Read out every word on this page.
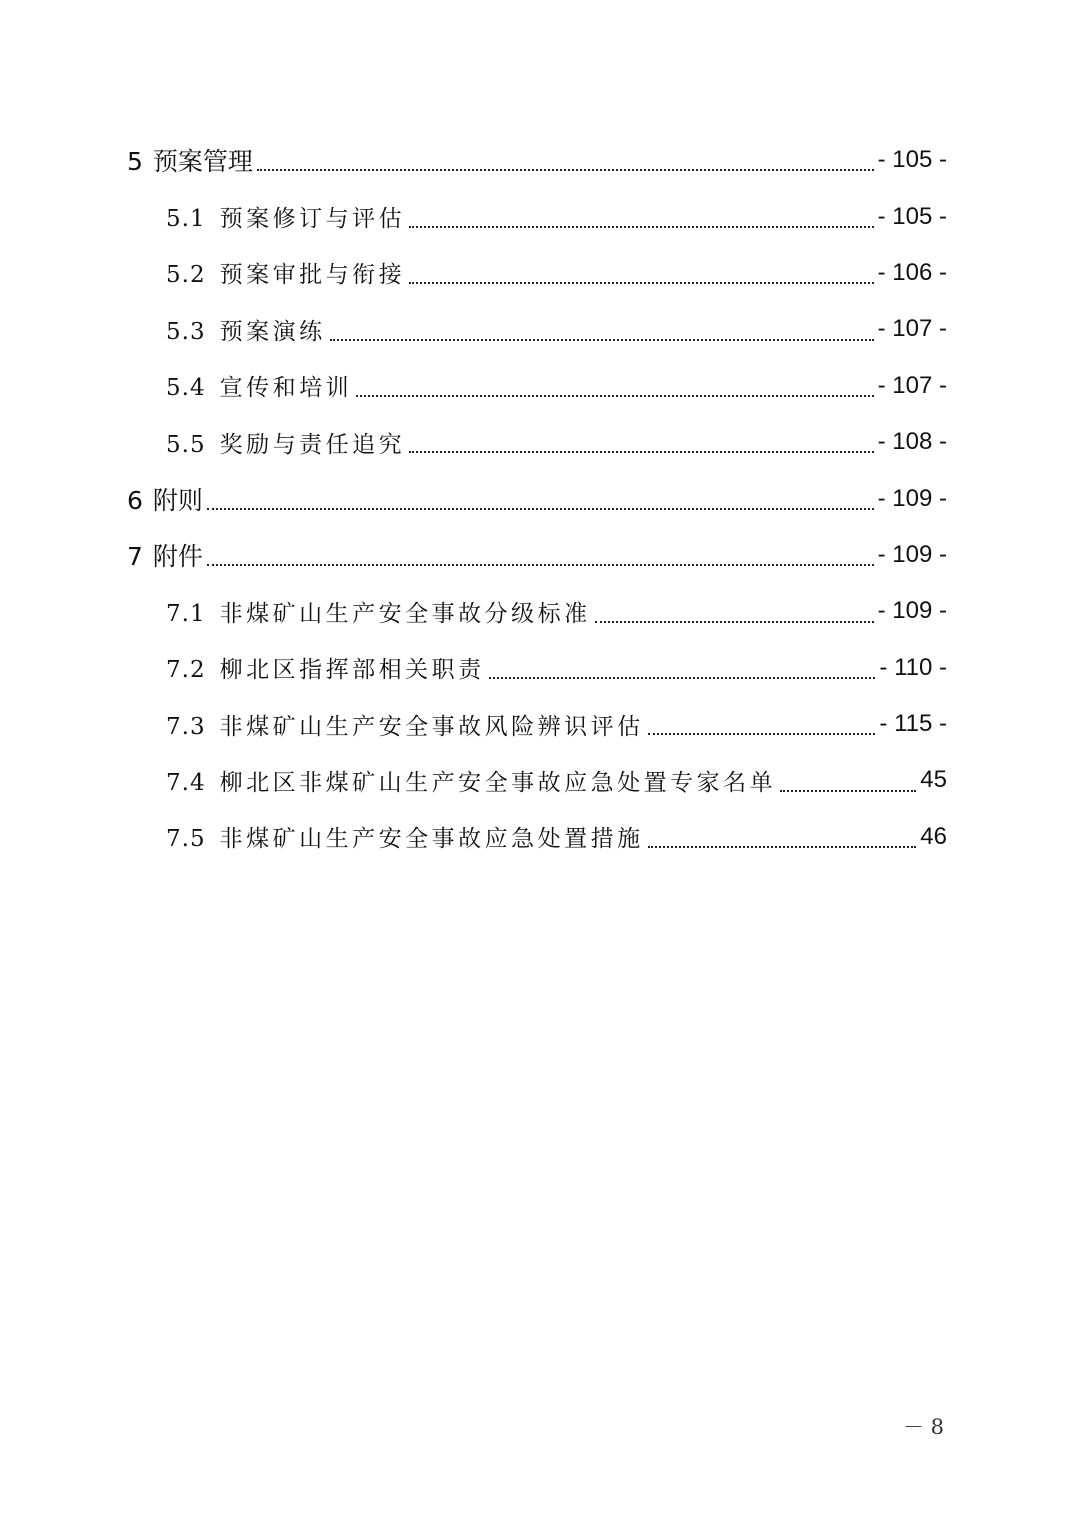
5 预案管理	- 105 -
5.1 预案修订与评估	- 105 -
5.2 预案审批与衔接	- 106 -
5.3 预案演练	- 107 -
5.4 宣传和培训	- 107 -
5.5 奖励与责任追究	- 108 -
6 附则	- 109 -
7 附件	- 109 -
7.1 非煤矿山生产安全事故分级标准	- 109 -
7.2 柳北区指挥部相关职责	- 110 -
7.3 非煤矿山生产安全事故风险辨识评估	- 115 -
7.4 柳北区非煤矿山生产安全事故应急处置专家名单	45
7.5 非煤矿山生产安全事故应急处置措施	46
－ 8
